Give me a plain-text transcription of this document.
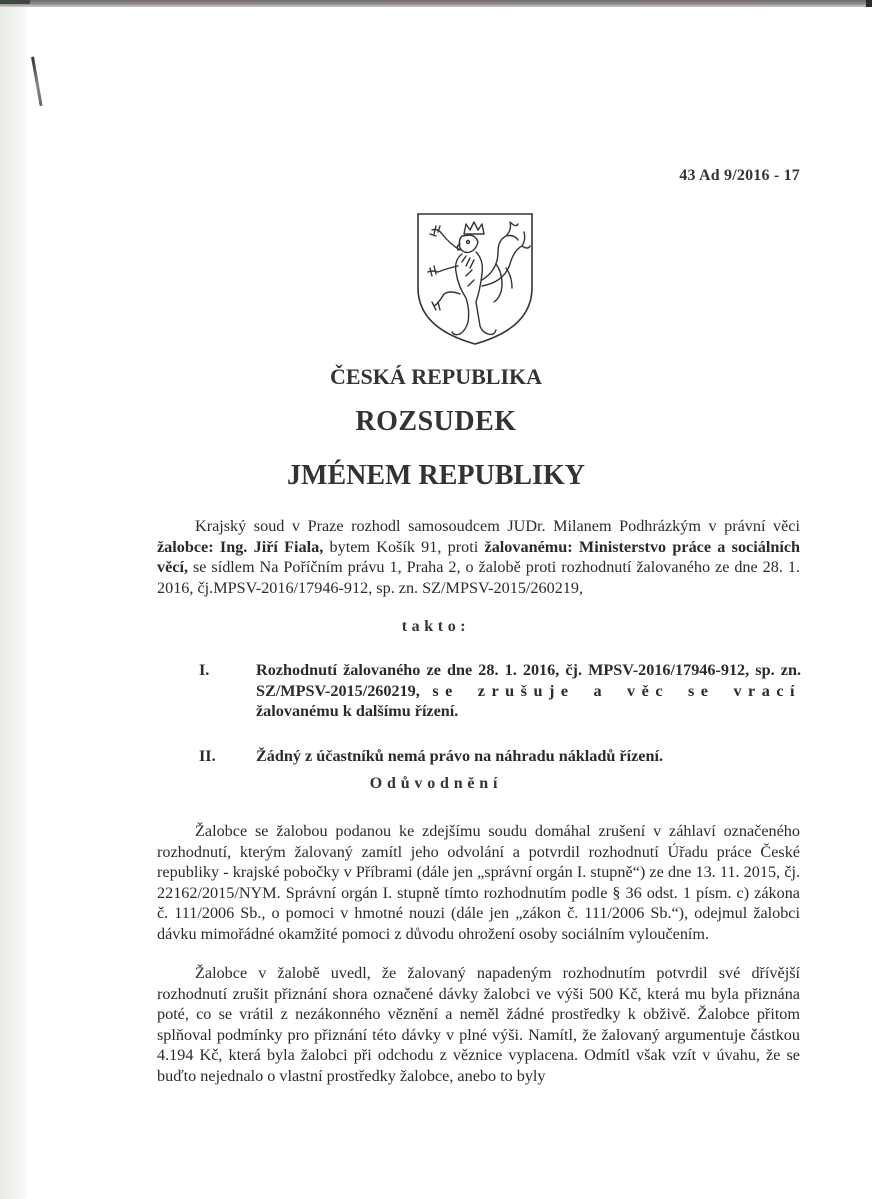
43 Ad 9/2016 - 17
ČESKÁ REPUBLIKA
ROZSUDEK
JMÉNEM REPUBLIKY
Krajský soud v Praze rozhodl samosoudcem JUDr. Milanem Podhrázkým v právní věci žalobce: Ing. Jiří Fiala, bytem Košík 91, proti žalovanému: Ministerstvo práce a sociálních věcí, se sídlem Na Poříčním právu 1, Praha 2, o žalobě proti rozhodnutí žalovaného ze dne 28. 1. 2016, čj.MPSV-2016/17946-912, sp. zn. SZ/MPSV-2015/260219,
takto:
I.	Rozhodnutí žalovaného ze dne 28. 1. 2016, čj. MPSV-2016/17946-912, sp. zn. SZ/MPSV-2015/260219, se zrušuje a věc se vrací žalovanému k dalšímu řízení.
II. Žádný z účastníků nemá právo na náhradu nákladů řízení.
Odůvodnění
Žalobce se žalobou podanou ke zdejšímu soudu domáhal zrušení v záhlaví označeného rozhodnutí, kterým žalovaný zamítl jeho odvolání a potvrdil rozhodnutí Úřadu práce České republiky - krajské pobočky v Příbrami (dále jen „správní orgán I. stupně“) ze dne 13. 11. 2015, čj. 22162/2015/NYM. Správní orgán I. stupně tímto rozhodnutím podle § 36 odst. 1 písm. c) zákona č. 111/2006 Sb., o pomoci v hmotné nouzi (dále jen „zákon č. 111/2006 Sb.“), odejmul žalobci dávku mimořádné okamžité pomoci z důvodu ohrožení osoby sociálním vyloučením.
Žalobce v žalobě uvedl, že žalovaný napadeným rozhodnutím potvrdil své dřívější rozhodnutí zrušit přiznání shora označené dávky žalobci ve výši 500 Kč, která mu byla přiznána poté, co se vrátil z nezákonného věznění a neměl žádné prostředky k obživě. Žalobce přitom splňoval podmínky pro přiznání této dávky v plné výši. Namítl, že žalovaný argumentuje částkou 4.194 Kč, která byla žalobci při odchodu z věznice vyplacena. Odmítl však vzít v úvahu, že se buďto nejednalo o vlastní prostředky žalobce, anebo to byly
